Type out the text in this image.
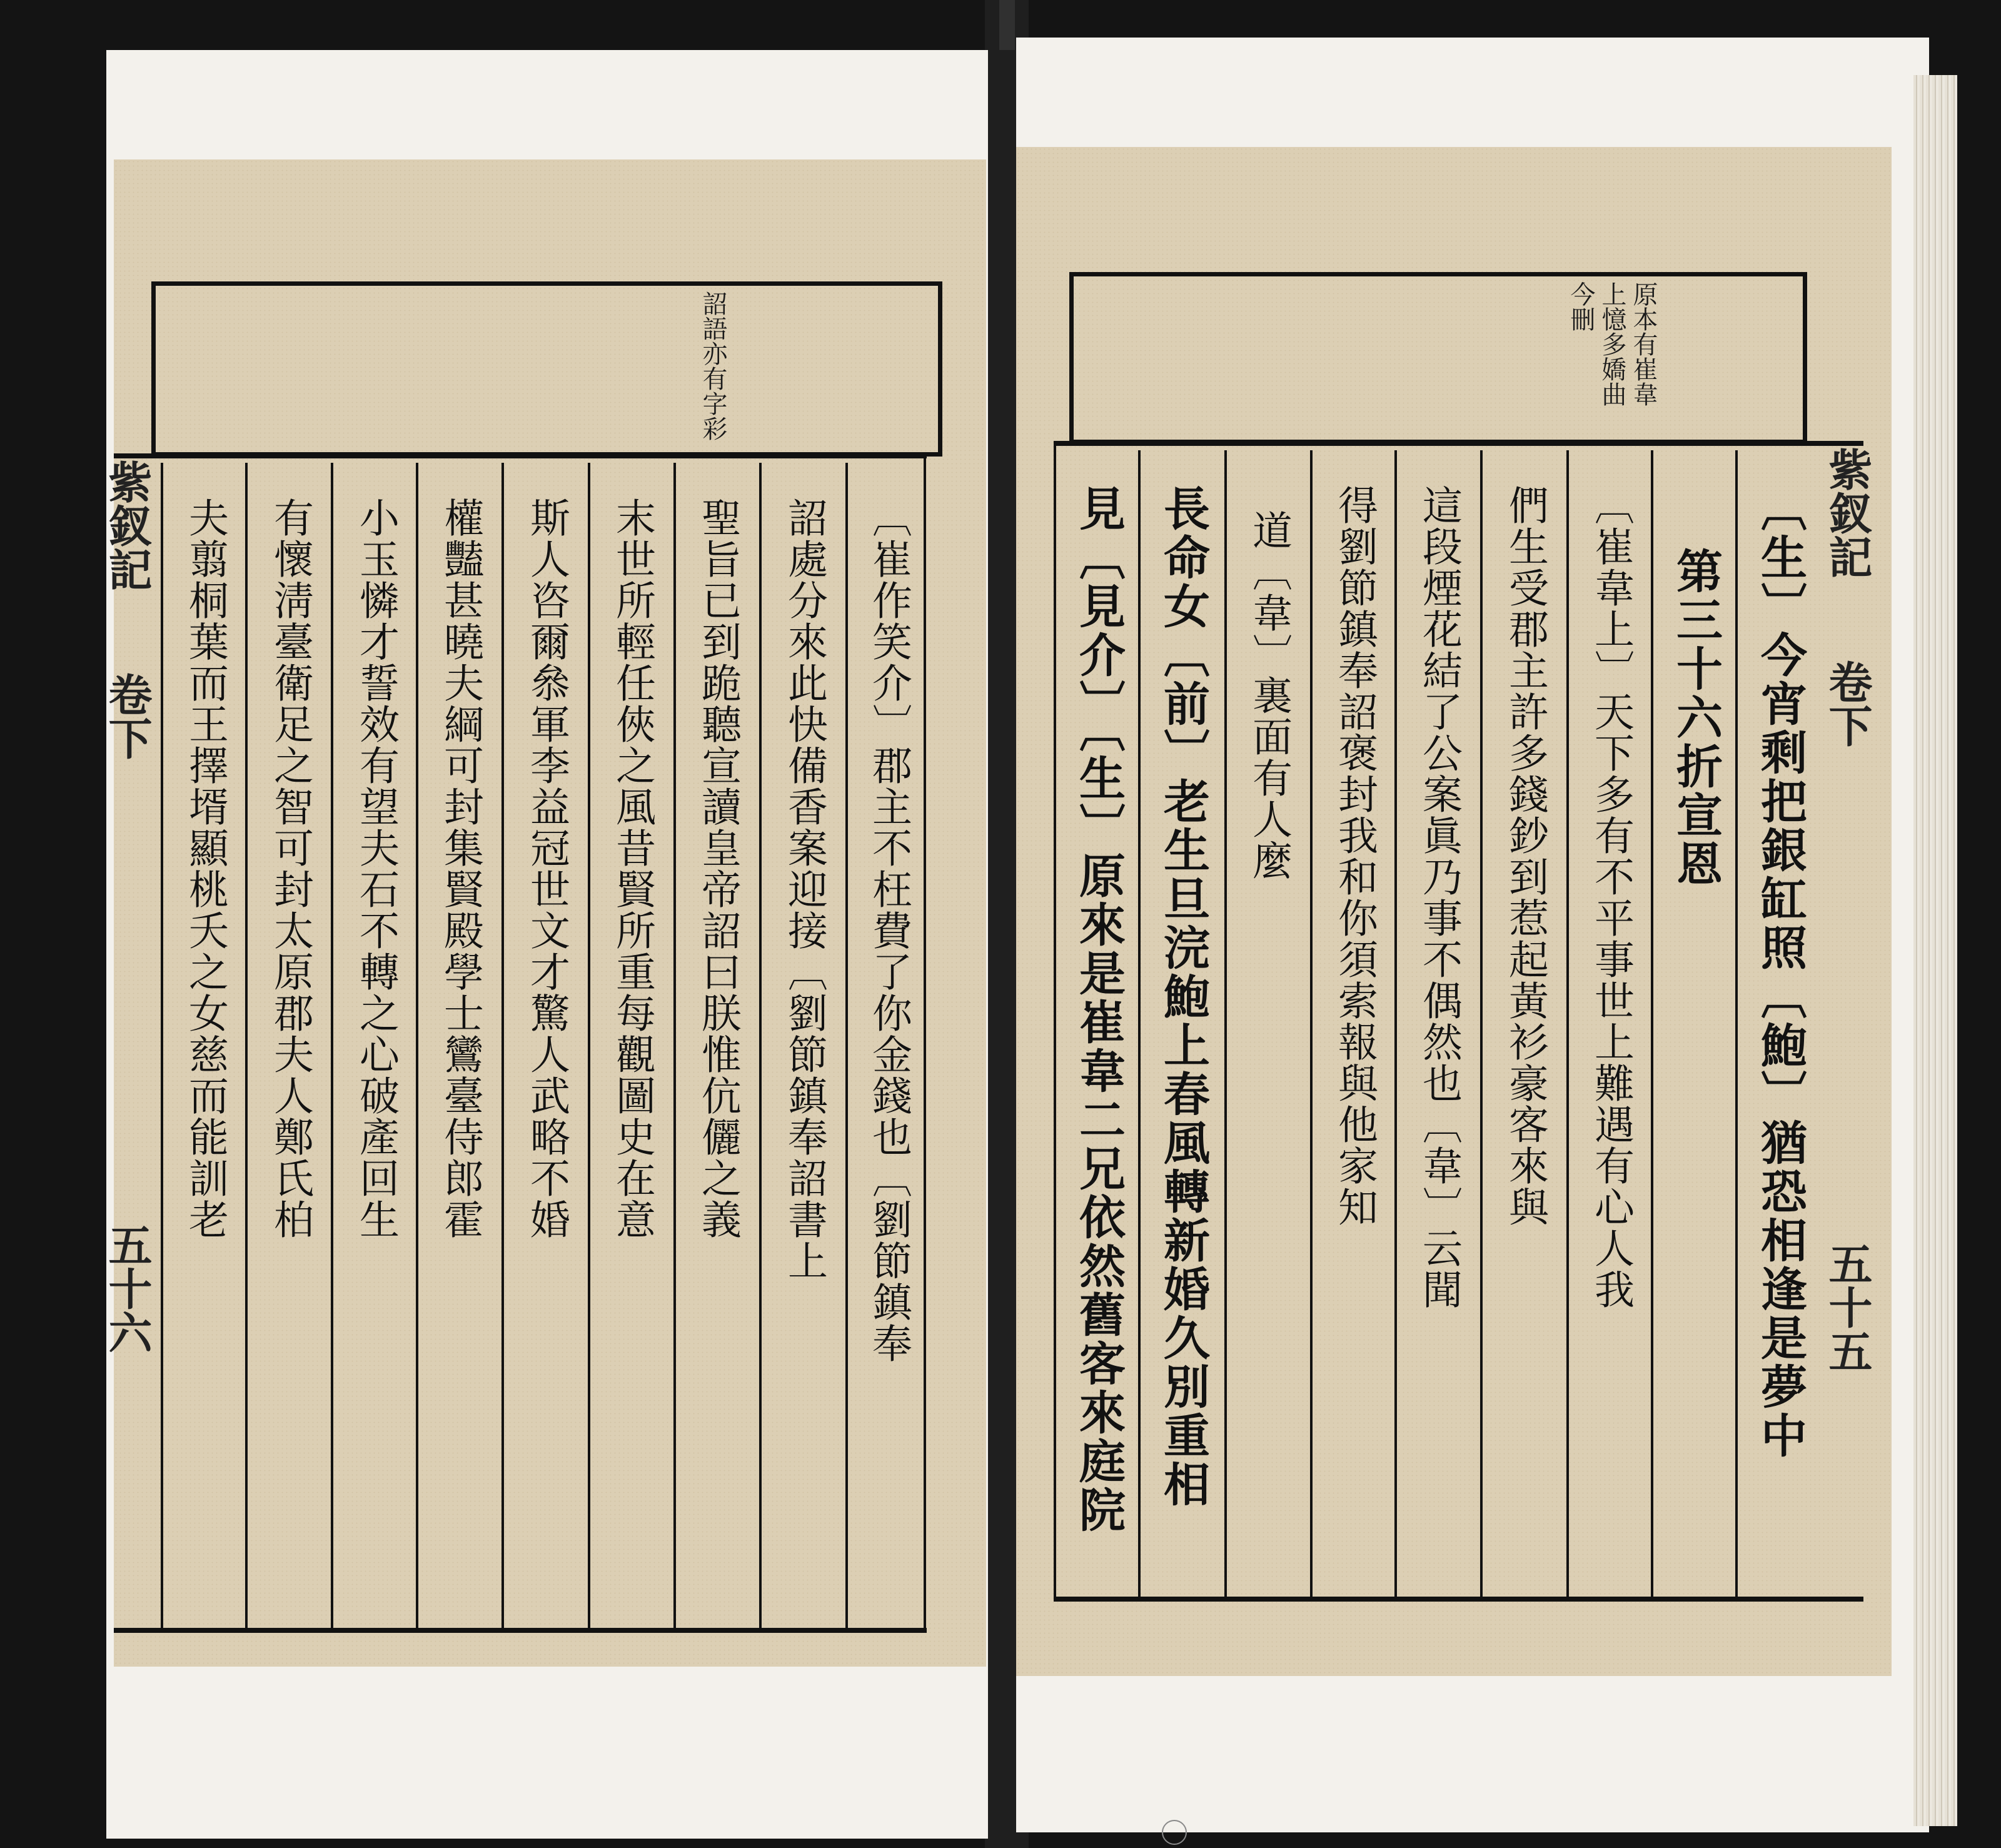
詔語亦有字彩
〔崔作笑介〕郡主不枉費了你金錢也〔劉節鎮奉
詔處分來此快備香案迎接〔劉節鎮奉詔書上
聖旨已到跪聽宣讀皇帝詔曰朕惟伉儷之義
末世所輕任俠之風昔賢所重每觀圖史在意
斯人咨爾叅軍李益冠世文才驚人武略不婚
權豔甚曉夫綱可封集賢殿學士鸞臺侍郎霍
小玉憐才誓效有望夫石不轉之心破產回生
有懷淸臺衛足之智可封太原郡夫人鄭氏柏
夫翦桐葉而王擇壻顯桃夭之女慈而能訓老
紫釵記
卷下
五十六
原本有崔韋
上憶多嬌曲
今刪
〔生〕今宵剩把銀缸照〔鮑〕猶恐相逢是夢中
第三十六折宣恩
〔崔韋上〕天下多有不平事世上難遇有心人我
們生受郡主許多錢鈔到惹起黃衫豪客來與
這段煙花結了公案眞乃事不偶然也〔韋〕云聞
得劉節鎮奉詔褒封我和你須索報與他家知
道〔韋〕裏面有人麼
長命女〔前〕老生旦浣鮑上春風轉新婚久別重相
見〔見介〕〔生〕原來是崔韋二兄依然舊客來庭院	紫釵記
卷下
五十五
